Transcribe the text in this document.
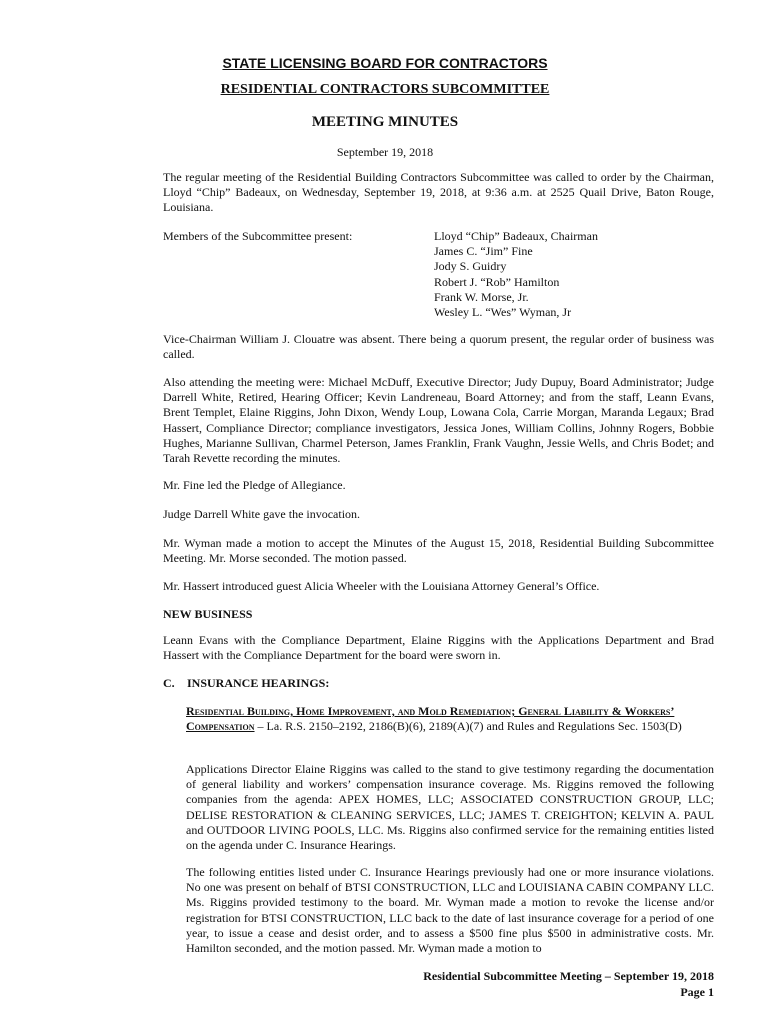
STATE LICENSING BOARD FOR CONTRACTORS
RESIDENTIAL CONTRACTORS SUBCOMMITTEE
MEETING MINUTES
September 19, 2018

The regular meeting of the Residential Building Contractors Subcommittee was called to order by the Chairman, Lloyd “Chip” Badeaux, on Wednesday, September 19, 2018, at 9:36 a.m. at 2525 Quail Drive, Baton Rouge, Louisiana.

Members of the Subcommittee present:	Lloyd “Chip” Badeaux, Chairman
James C. “Jim” Fine
Jody S. Guidry
Robert J. “Rob” Hamilton
Frank W. Morse, Jr.
Wesley L. “Wes” Wyman, Jr

Vice-Chairman William J. Clouatre was absent. There being a quorum present, the regular order of business was called.

Also attending the meeting were: Michael McDuff, Executive Director; Judy Dupuy, Board Administrator; Judge Darrell White, Retired, Hearing Officer; Kevin Landreneau, Board Attorney; and from the staff, Leann Evans, Brent Templet, Elaine Riggins, John Dixon, Wendy Loup, Lowana Cola, Carrie Morgan, Maranda Legaux; Brad Hassert, Compliance Director; compliance investigators, Jessica Jones, William Collins, Johnny Rogers, Bobbie Hughes, Marianne Sullivan, Charmel Peterson, James Franklin, Frank Vaughn, Jessie Wells, and Chris Bodet; and Tarah Revette recording the minutes.

Mr. Fine led the Pledge of Allegiance.

Judge Darrell White gave the invocation.

Mr. Wyman made a motion to accept the Minutes of the August 15, 2018, Residential Building Subcommittee Meeting. Mr. Morse seconded. The motion passed.

Mr. Hassert introduced guest Alicia Wheeler with the Louisiana Attorney General’s Office.

NEW BUSINESS

Leann Evans with the Compliance Department, Elaine Riggins with the Applications Department and Brad Hassert with the Compliance Department for the board were sworn in.

C. INSURANCE HEARINGS:

Residential Building, Home Improvement, and Mold Remediation; General Liability & Workers’ Compensation – La. R.S. 2150–2192, 2186(B)(6), 2189(A)(7) and Rules and Regulations Sec. 1503(D)

Applications Director Elaine Riggins was called to the stand to give testimony regarding the documentation of general liability and workers’ compensation insurance coverage. Ms. Riggins removed the following companies from the agenda: APEX HOMES, LLC; ASSOCIATED CONSTRUCTION GROUP, LLC; DELISE RESTORATION & CLEANING SERVICES, LLC; JAMES T. CREIGHTON; KELVIN A. PAUL and OUTDOOR LIVING POOLS, LLC. Ms. Riggins also confirmed service for the remaining entities listed on the agenda under C. Insurance Hearings.

The following entities listed under C. Insurance Hearings previously had one or more insurance violations. No one was present on behalf of BTSI CONSTRUCTION, LLC and LOUISIANA CABIN COMPANY LLC. Ms. Riggins provided testimony to the board. Mr. Wyman made a motion to revoke the license and/or registration for BTSI CONSTRUCTION, LLC back to the date of last insurance coverage for a period of one year, to issue a cease and desist order, and to assess a $500 fine plus $500 in administrative costs. Mr. Hamilton seconded, and the motion passed. Mr. Wyman made a motion to

Residential Subcommittee Meeting – September 19, 2018
Page 1
